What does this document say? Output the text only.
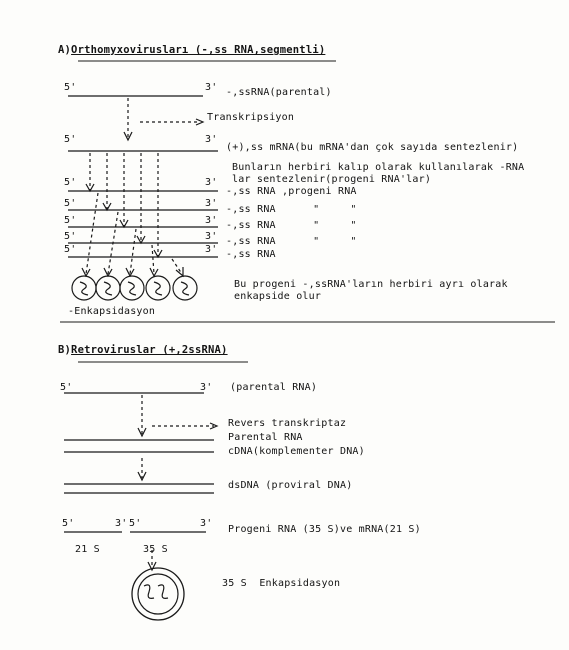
A)Orthomyxovirusları (-,ss RNA,segmentli)
5'	3' -,ssRNA(parental)
Transkripsiyon
5'	3'
(+),ss mRNA(bu mRNA'dan çok sayıda sentezlenir)
Bunların herbiri kalıp olarak kullanılarak -RNA
lar sentezlenir(progeni RNA'lar)
5'	3'
-,ss RNA ,progeni RNA
5'	3'
-,ss RNA      "     "
5'	3' -,ss RNA      "     "
5'	3' -,ss RNA      "     "
5'	3' -,ss RNA
Bu progeni -,ssRNA'ların herbiri ayrı olarak
enkapside olur
-Enkapsidasyon
B)Retroviruslar (+,2ssRNA)
5'	3' (parental RNA)
Revers transkriptaz
Parental RNA
cDNA(komplementer DNA)
dsDNA (proviral DNA)
5'	3' 5'	3'
Progeni RNA (35 S)ve mRNA(21 S)
21 S	35 S
35 S  Enkapsidasyon
